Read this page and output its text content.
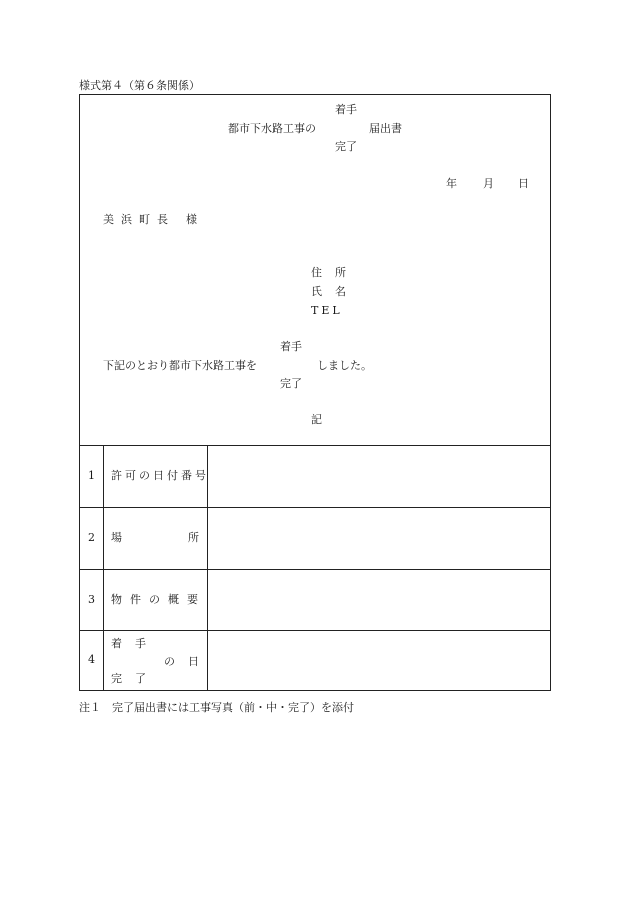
様式第４（第６条関係）
着手
都市下水路工事の	届出書
完了
年 月 日
美 浜 町 長 様
住 所
氏 名
TEL
着手
下記のとおり都市下水路工事を	しました。
完了
記
1 許可の日付番号
2 場	所
3 物件の概要
4
着 手
の 日
完 了
注１　完了届出書には工事写真（前・中・完了）を添付
